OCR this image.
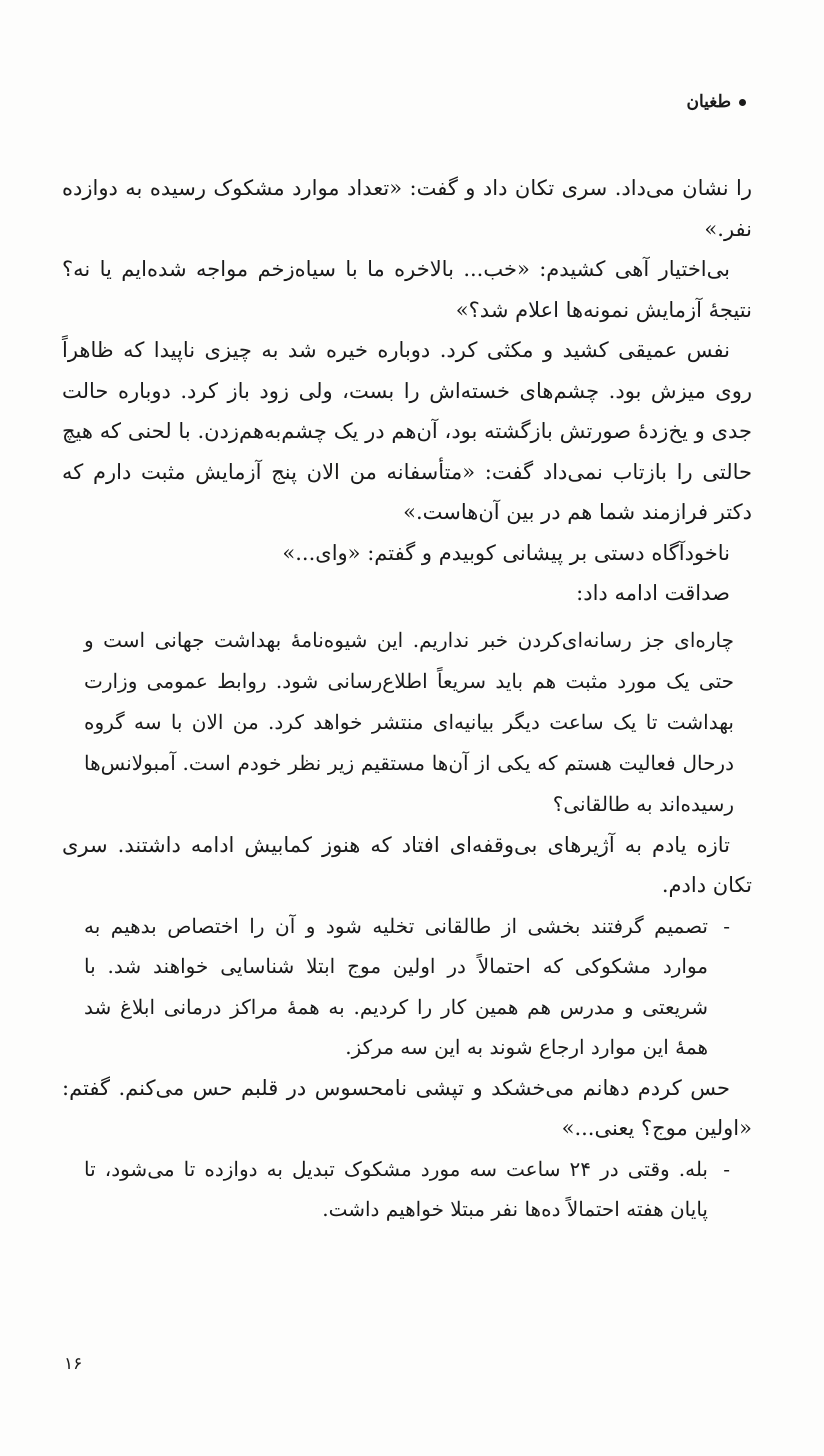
طغیان

را نشان می‌داد. سری تکان داد و گفت: «تعداد موارد مشکوک رسیده به دوازده نفر.»

بی‌اختیار آهی کشیدم: «خب... بالاخره ما با سیاه‌زخم مواجه شده‌ایم یا نه؟ نتیجهٔ آزمایش نمونه‌ها اعلام شد؟»

نفس عمیقی کشید و مکثی کرد. دوباره خیره شد به چیزی ناپیدا که ظاهراً روی میزش بود. چشم‌های خسته‌اش را بست، ولی زود باز کرد. دوباره حالت جدی و یخ‌زدهٔ صورتش بازگشته بود، آن‌هم در یک چشم‌به‌هم‌زدن. با لحنی که هیچ حالتی را بازتاب نمی‌داد گفت: «متأسفانه من الان پنج آزمایش مثبت دارم که دکتر فرازمند شما هم در بین آن‌هاست.»

ناخودآگاه دستی بر پیشانی کوبیدم و گفتم: «وای...»

صداقت ادامه داد:

چاره‌ای جز رسانه‌ای‌کردن خبر نداریم. این شیوه‌نامهٔ بهداشت جهانی است و حتی یک مورد مثبت هم باید سریعاً اطلاع‌رسانی شود. روابط عمومی وزارت بهداشت تا یک ساعت دیگر بیانیه‌ای منتشر خواهد کرد. من الان با سه گروه درحال فعالیت هستم که یکی از آن‌ها مستقیم زیر نظر خودم است. آمبولانس‌ها رسیده‌اند به طالقانی؟

تازه یادم به آژیرهای بی‌وقفه‌ای افتاد که هنوز کمابیش ادامه داشتند. سری تکان دادم.

-
تصمیم گرفتند بخشی از طالقانی تخلیه شود و آن را اختصاص بدهیم به موارد مشکوکی که احتمالاً در اولین موج ابتلا شناسایی خواهند شد. با شریعتی و مدرس هم همین کار را کردیم. به همهٔ مراکز درمانی ابلاغ شد همهٔ این موارد ارجاع شوند به این سه مرکز.

حس کردم دهانم می‌خشکد و تپشی نامحسوس در قلبم حس می‌کنم. گفتم: «اولین موج؟ یعنی...»

-
بله. وقتی در ۲۴ ساعت سه مورد مشکوک تبدیل به دوازده تا می‌شود، تا پایان هفته احتمالاً ده‌ها نفر مبتلا خواهیم داشت.
۱۶
